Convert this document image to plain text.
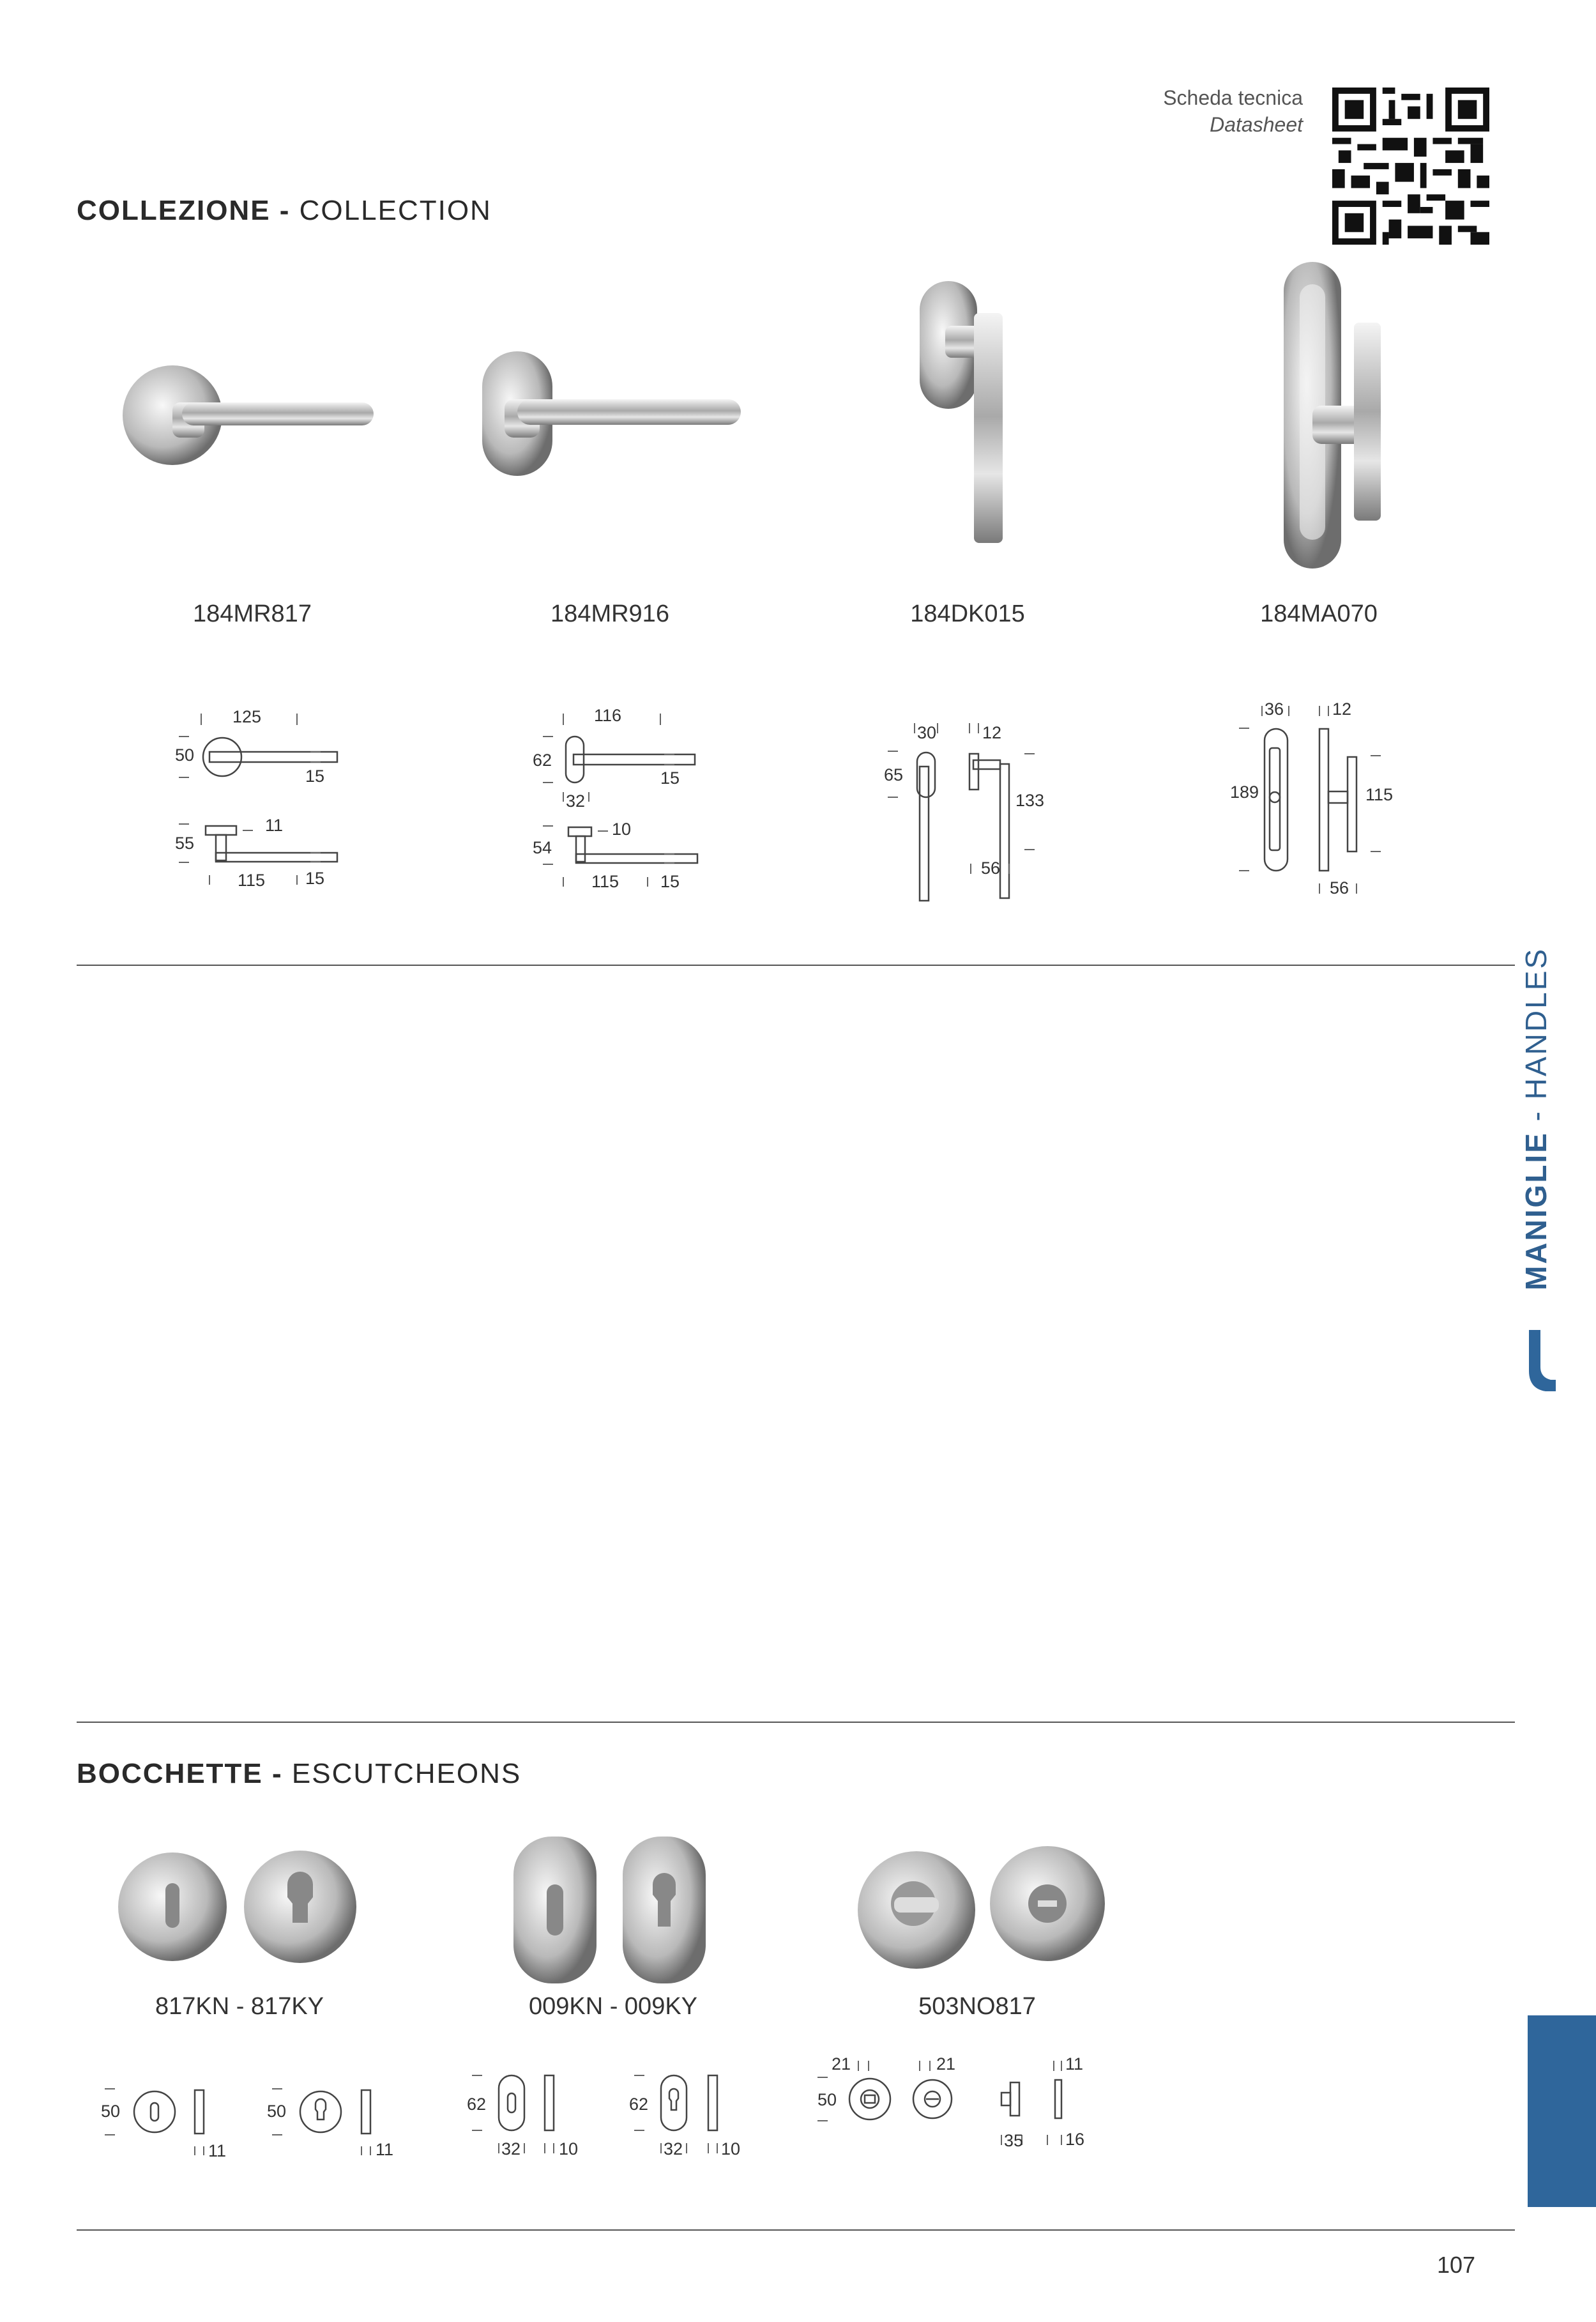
Scheda tecnica
Datasheet
COLLEZIONE - COLLECTION
184MR817	184MR916	184DK015	184MA070
125
50
15
55
11
115 15
116
62
15
32
54
10
115 15
30	12
65
133
56
36	12
189	115
56
MANIGLIE - HANDLES
BOCCHETTE - ESCUTCHEONS
817KN - 817KY	009KN - 009KY	503NO817
50
11
50
11
62
32 10
62
32 10
21	21
50
11
35 16
107
